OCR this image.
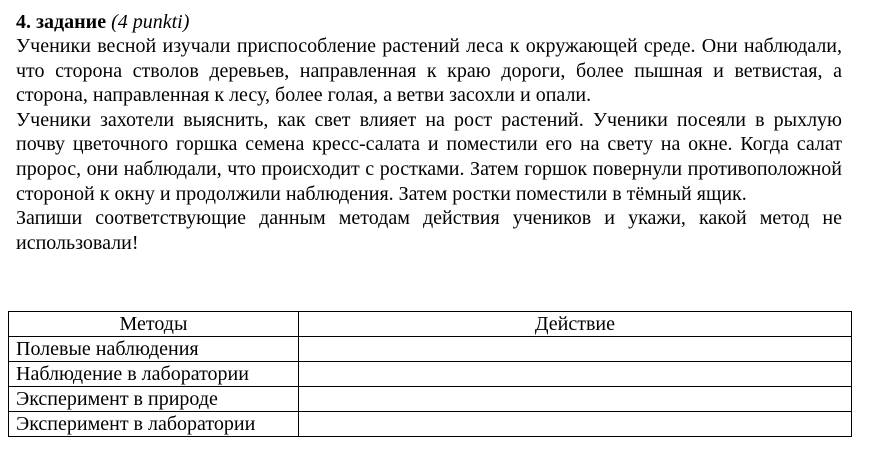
4. задание (4 punkti)

Ученики весной изучали приспособление растений леса к окружающей среде. Они наблюдали, что сторона стволов деревьев, направленная к краю дороги, более пышная и ветвистая, а сторона, направленная к лесу, более голая, а ветви засохли и опали.

Ученики захотели выяснить, как свет влияет на рост растений. Ученики посеяли в рыхлую почву цветочного горшка семена кресс-салата и поместили его на свету на окне. Когда салат пророс, они наблюдали, что происходит с ростками. Затем горшок повернули противоположной стороной к окну и продолжили наблюдения. Затем ростки поместили в тёмный ящик.

Запиши соответствующие данным методам действия учеников и укажи, какой метод не использовали!

Методы	Действие
Полевые наблюдения	
Наблюдение в лаборатории	
Эксперимент в природе	
Эксперимент в лаборатории	
